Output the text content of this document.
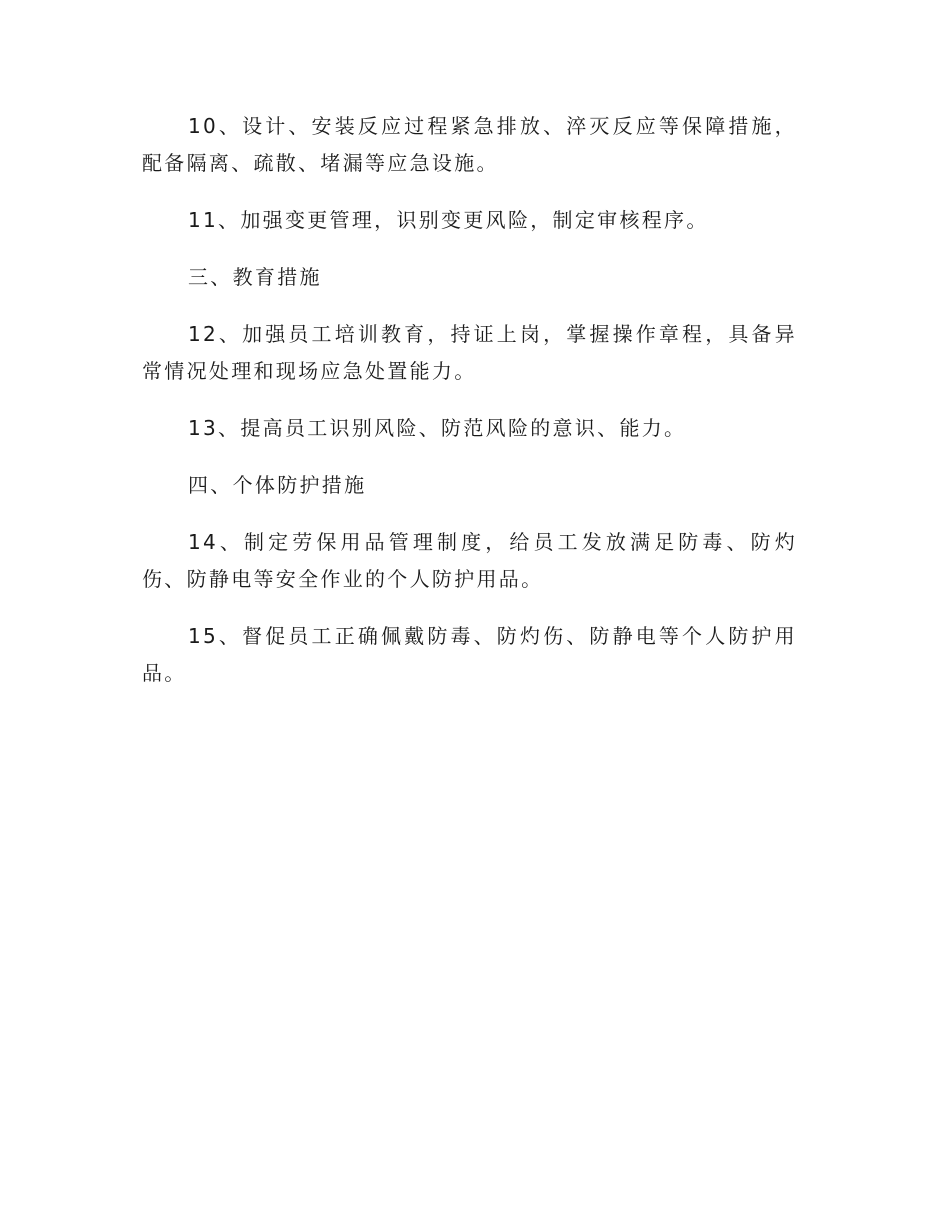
10、设计、安装反应过程紧急排放、淬灭反应等保障措施，配备隔离、疏散、堵漏等应急设施。

11、加强变更管理，识别变更风险，制定审核程序。

三、教育措施

12、加强员工培训教育，持证上岗，掌握操作章程，具备异常情况处理和现场应急处置能力。

13、提高员工识别风险、防范风险的意识、能力。

四、个体防护措施

14、制定劳保用品管理制度，给员工发放满足防毒、防灼伤、防静电等安全作业的个人防护用品。

15、督促员工正确佩戴防毒、防灼伤、防静电等个人防护用品。
